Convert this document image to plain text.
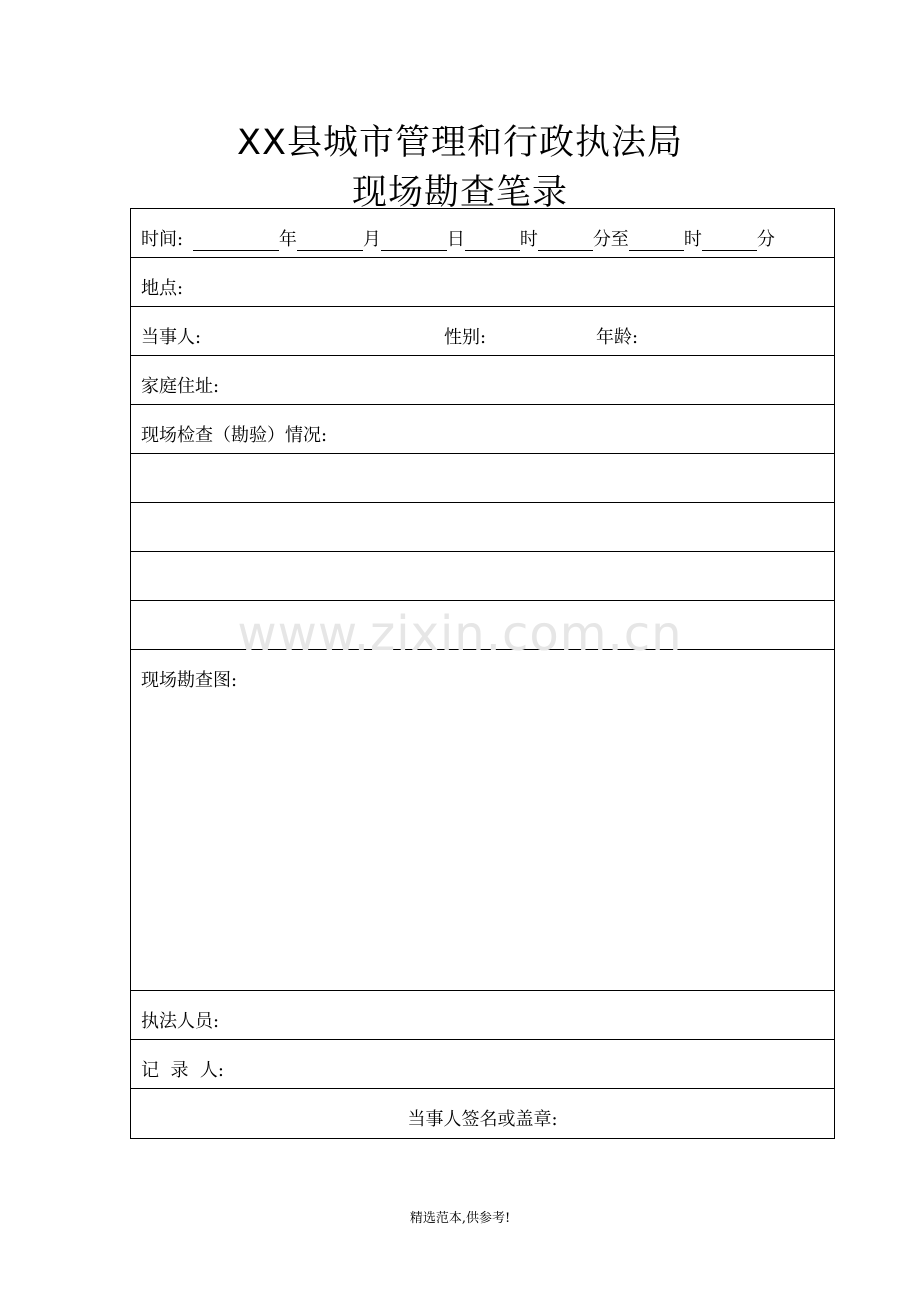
XX县城市管理和行政执法局
现场勘查笔录
时间:	年	月	日	时	分至	时	分
地点:
当事人:	性别:	年龄:
家庭住址:
现场检查（勘验）情况:
现场勘查图:
执法人员:
记  录  人:
当事人签名或盖章:
www.zixin.com.cn
精选范本,供参考!
